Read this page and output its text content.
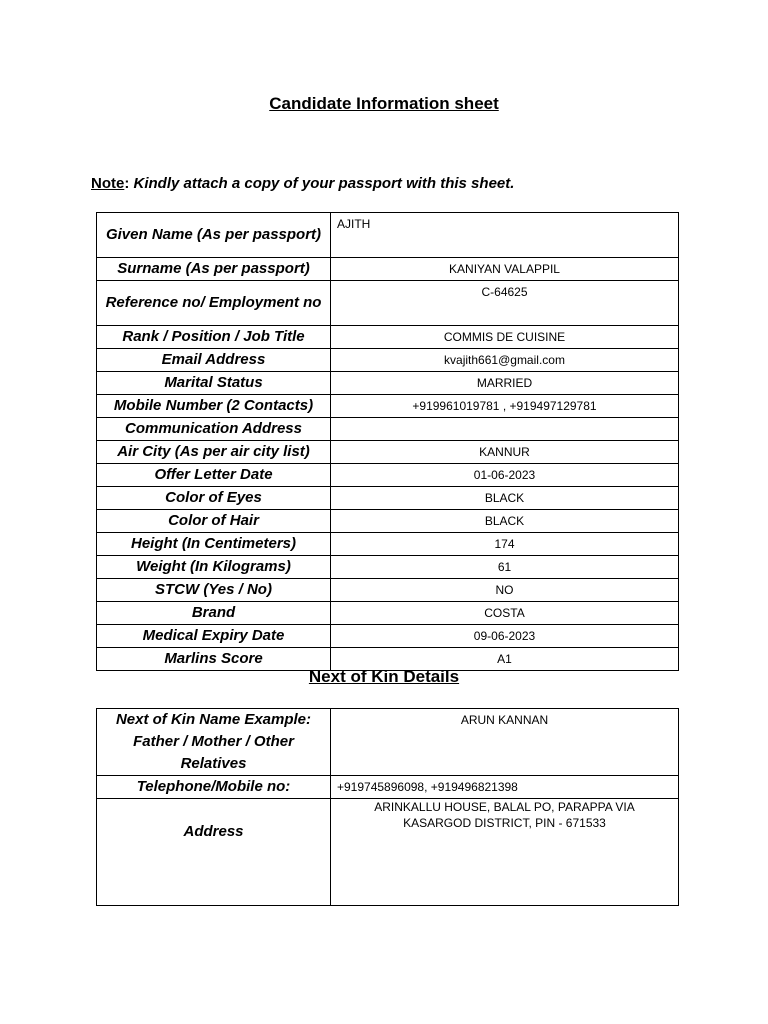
Candidate Information sheet
Note: Kindly attach a copy of your passport with this sheet.
Given Name (As per passport)	AJITH
Surname (As per passport)	KANIYAN VALAPPIL
Reference no/ Employment no	C-64625
Rank / Position / Job Title	COMMIS DE CUISINE
Email Address	kvajith661@gmail.com
Marital Status	MARRIED
Mobile Number (2 Contacts)	+919961019781 , +919497129781
Communication Address	
Air City (As per air city list)	KANNUR
Offer Letter Date	01-06-2023
Color of Eyes	BLACK
Color of Hair	BLACK
Height (In Centimeters)	174
Weight (In Kilograms)	61
STCW (Yes / No)	NO
Brand	COSTA
Medical Expiry Date	09-06-2023
Marlins Score	A1
Next of Kin Details
Next of Kin Name Example: Father / Mother / Other Relatives	ARUN KANNAN
Telephone/Mobile no:	+919745896098, +919496821398
Address	ARINKALLU HOUSE, BALAL PO, PARAPPA VIA KASARGOD DISTRICT, PIN - 671533
